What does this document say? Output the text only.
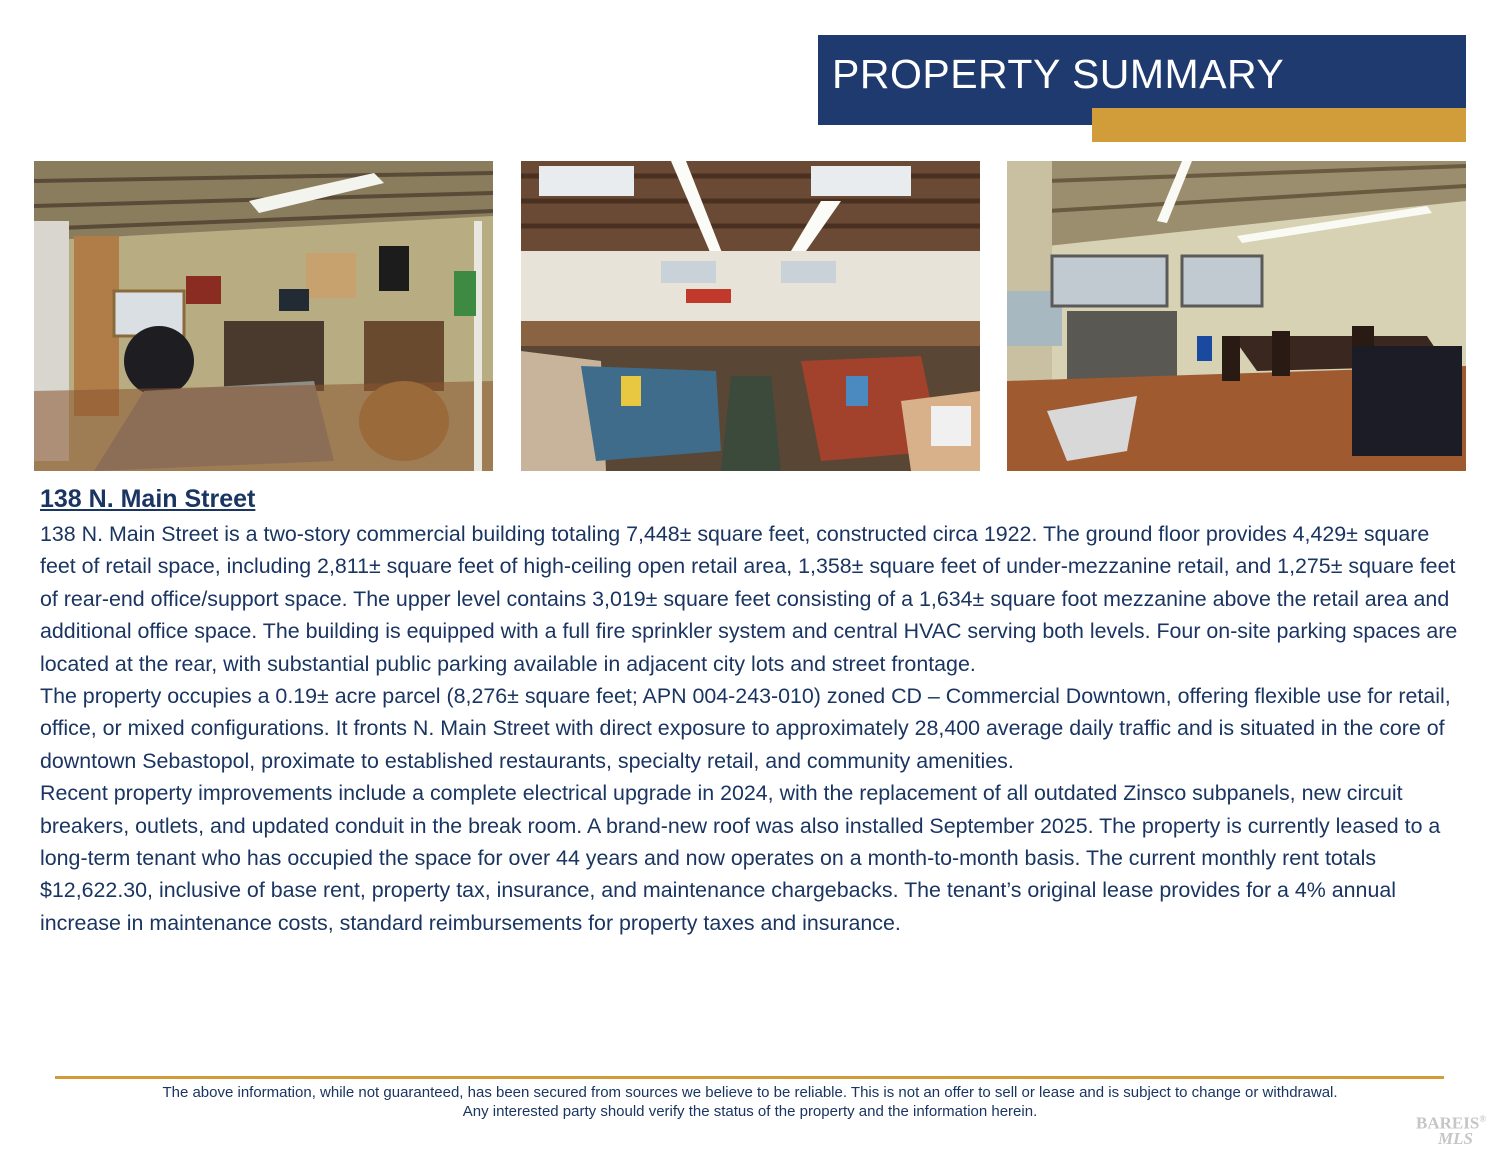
PROPERTY SUMMARY
138 N. Main Street

138 N. Main Street is a two-story commercial building totaling 7,448± square feet, constructed circa 1922. The ground floor provides 4,429± square feet of retail space, including 2,811± square feet of high-ceiling open retail area, 1,358± square feet of under-mezzanine retail, and 1,275± square feet of rear-end office/support space. The upper level contains 3,019± square feet consisting of a 1,634± square foot mezzanine above the retail area and additional office space. The building is equipped with a full fire sprinkler system and central HVAC serving both levels. Four on-site parking spaces are located at the rear, with substantial public parking available in adjacent city lots and street frontage.

The property occupies a 0.19± acre parcel (8,276± square feet; APN 004-243-010) zoned CD – Commercial Downtown, offering flexible use for retail, office, or mixed configurations. It fronts N. Main Street with direct exposure to approximately 28,400 average daily traffic and is situated in the core of downtown Sebastopol, proximate to established restaurants, specialty retail, and community amenities.

Recent property improvements include a complete electrical upgrade in 2024, with the replacement of all outdated Zinsco subpanels, new circuit breakers, outlets, and updated conduit in the break room. A brand-new roof was also installed September 2025. The property is currently leased to a long-term tenant who has occupied the space for over 44 years and now operates on a month-to-month basis. The current monthly rent totals $12,622.30, inclusive of base rent, property tax, insurance, and maintenance chargebacks. The tenant’s original lease provides for a 4% annual increase in maintenance costs, standard reimbursements for property taxes and insurance.

The above information, while not guaranteed, has been secured from sources we believe to be reliable. This is not an offer to sell or lease and is subject to change or withdrawal.
Any interested party should verify the status of the property and the information herein.
BAREIS®
MLS
